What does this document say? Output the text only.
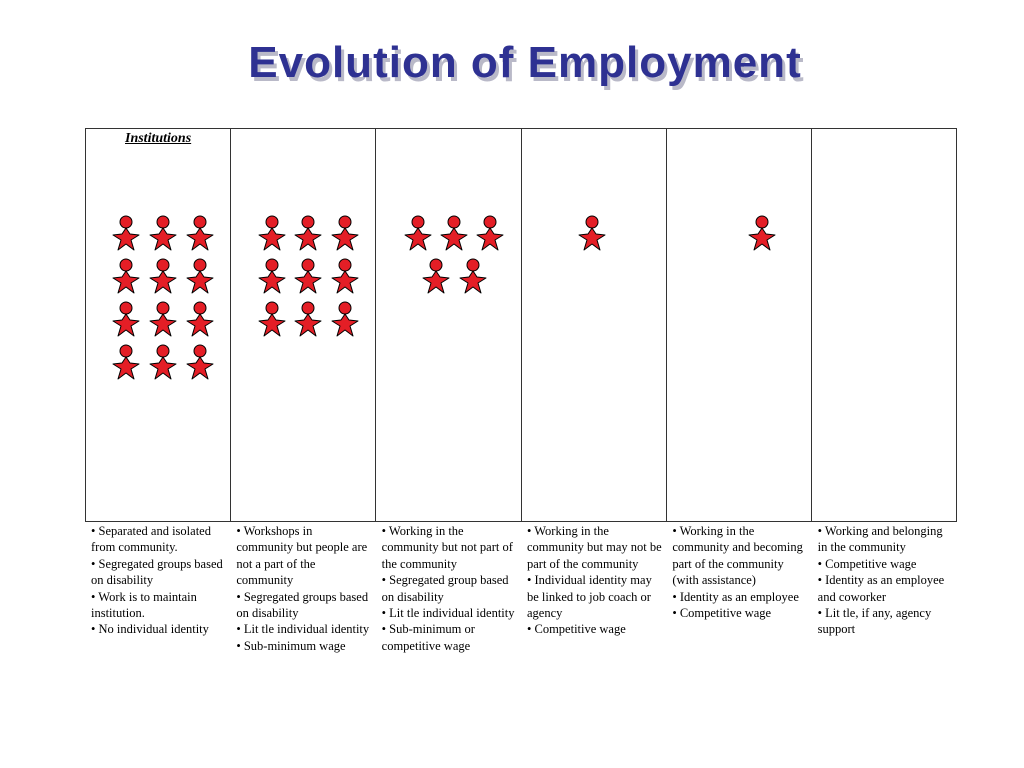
Evolution of Employment
Institutions
• Separated and isolated from community.
• Segregated groups based on disability
• Work is to maintain institution.
• No individual identity
• Workshops in community but people are not a part of the community
• Segregated groups based on disability
• Lit tle individual identity
• Sub-minimum wage
• Working in the community but not part of the community
• Segregated group based on disability
• Lit tle individual identity
• Sub-minimum or competitive wage
• Working in the community but may not be part of the community
• Individual identity may be linked to job coach or agency
• Competitive wage
• Working in the community and becoming part of the community (with assistance)
• Identity as an employee
• Competitive wage
• Working and belonging in the community
• Competitive wage
• Identity as an employee and coworker
• Lit tle, if any, agency support
